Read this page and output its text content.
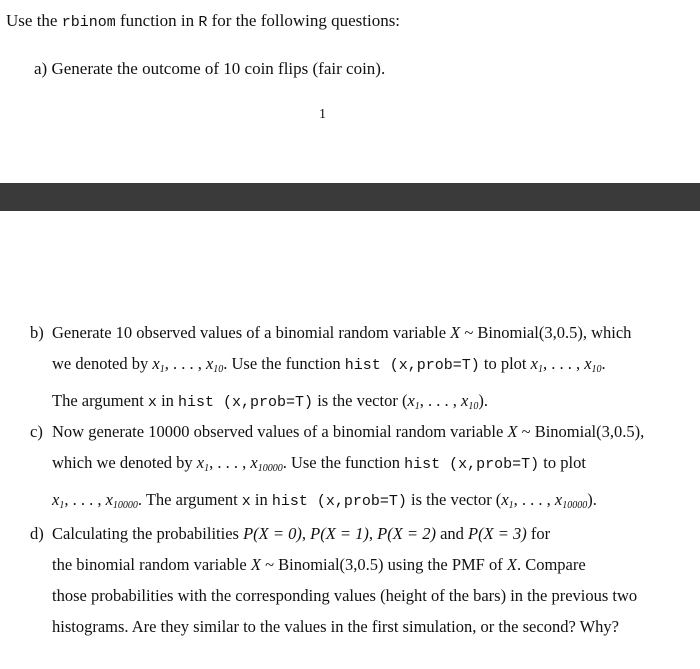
Use the rbinom function in R for the following questions:
a) Generate the outcome of 10 coin flips (fair coin).
1
b) Generate 10 observed values of a binomial random variable X ~ Binomial(3,0.5), which
we denoted by $x_1$, . . . , $x_{10}$. Use the function hist (x,prob=T) to plot $x_1$, . . . , $x_{10}$.
The argument x in hist (x,prob=T) is the vector ($x_1$, . . . , $x_{10}$).
c) Now generate 10000 observed values of a binomial random variable X ~ Binomial(3,0.5),
which we denoted by $x_1$, . . . , $x_{10000}$. Use the function hist (x,prob=T) to plot
$x_1$, . . . , $x_{10000}$. The argument x in hist (x,prob=T) is the vector ($x_1$, . . . , $x_{10000}$).
d) Calculating the probabilities P(X = 0), P(X = 1), P(X = 2) and P(X = 3) for
the binomial random variable X ~ Binomial(3,0.5) using the PMF of X. Compare
those probabilities with the corresponding values (height of the bars) in the previous two
histograms. Are they similar to the values in the first simulation, or the second? Why?
